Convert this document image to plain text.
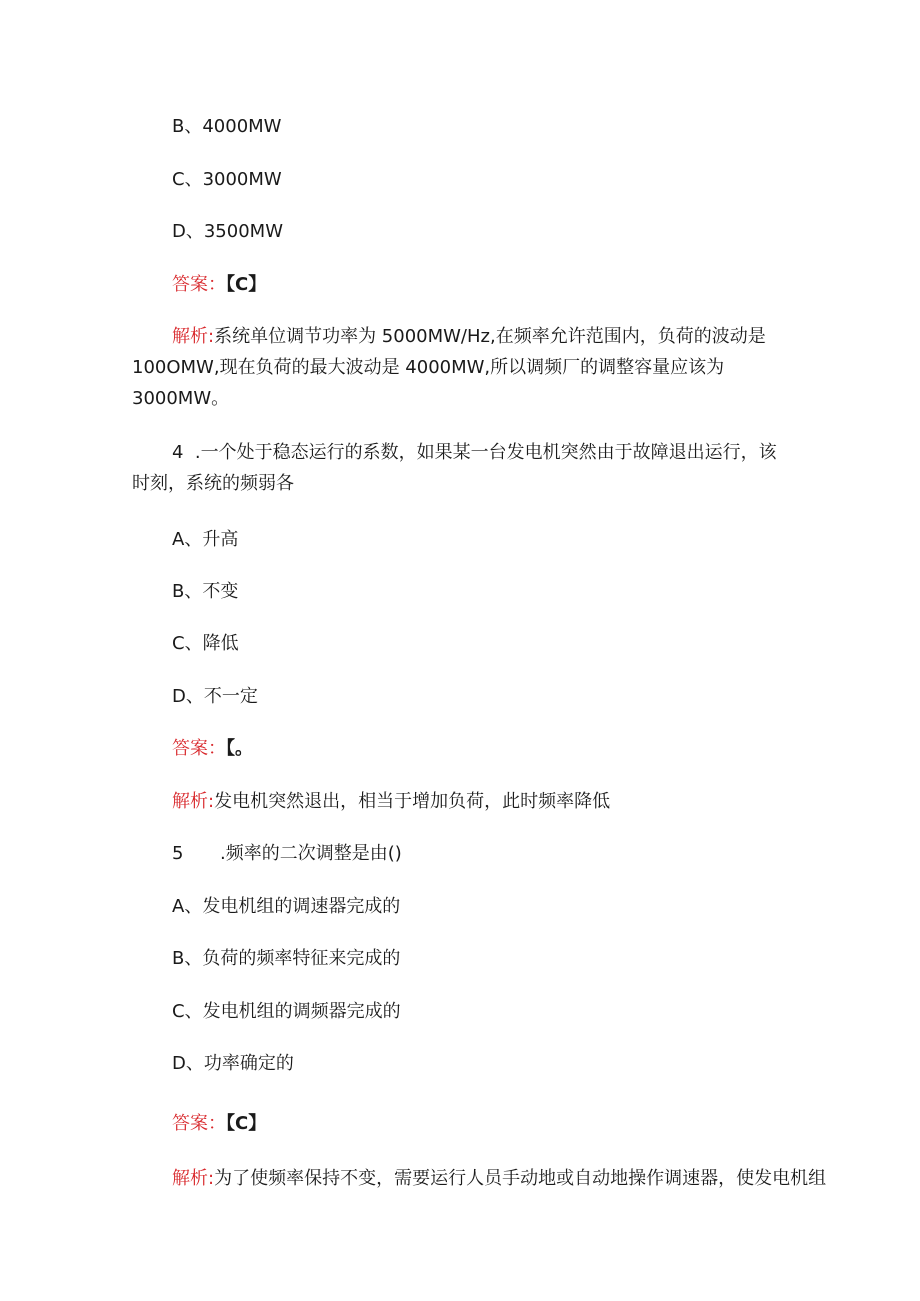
B、4000MW
C、3000MW
D、3500MW
答案：【C】
解析:系统单位调节功率为 5000MW/Hz,在频率允许范围内，负荷的波动是 100OMW,现在负荷的最大波动是 4000MW,所以调频厂的调整容量应该为 3000MW。
4 .一个处于稳态运行的系数，如果某一台发电机突然由于故障退出运行，该时刻，系统的频弱各
A、升高
B、不变
C、降低
D、不一定
答案：【。
解析:发电机突然退出，相当于增加负荷，此时频率降低
5 .频率的二次调整是由()
A、发电机组的调速器完成的
B、负荷的频率特征来完成的
C、发电机组的调频器完成的
D、功率确定的
答案：【C】
解析:为了使频率保持不变，需要运行人员手动地或自动地操作调速器，使发电机组
